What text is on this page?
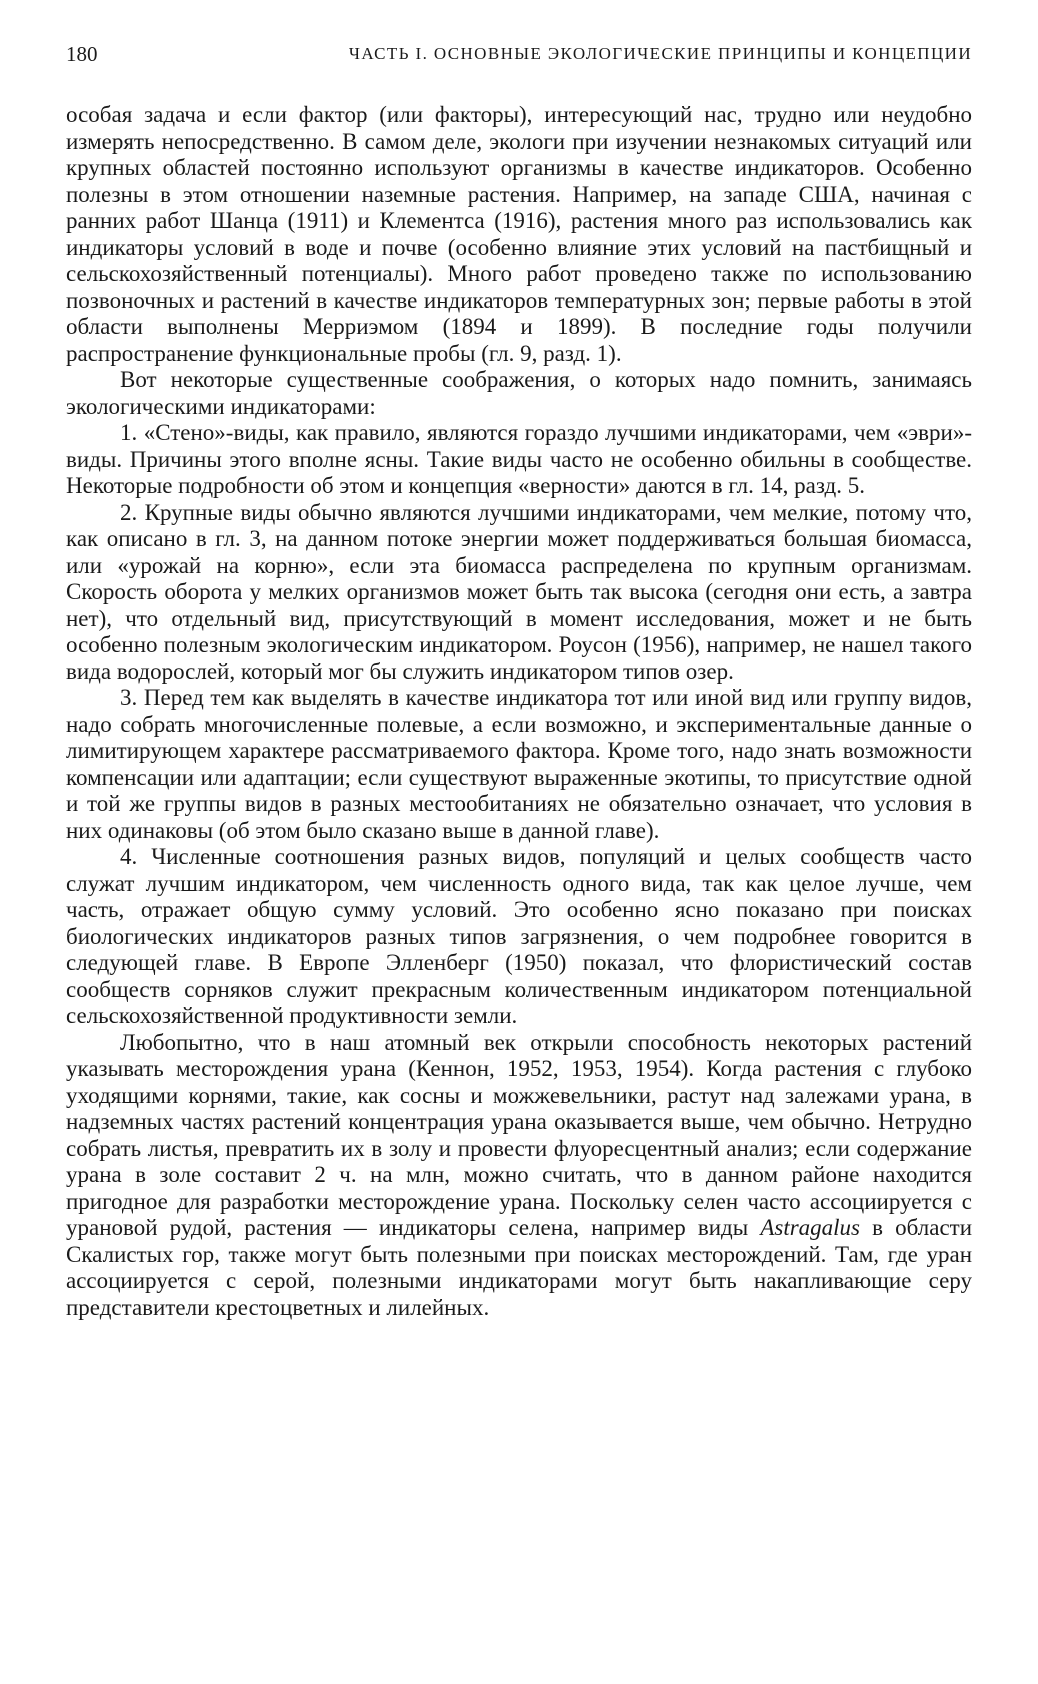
180	ЧАСТЬ I. ОСНОВНЫЕ ЭКОЛОГИЧЕСКИЕ ПРИНЦИПЫ И КОНЦЕПЦИИ

особая задача и если фактор (или факторы), интересующий нас, трудно или неудобно измерять непосредственно. В самом деле, экологи при изучении незнакомых ситуаций или крупных областей постоянно используют организмы в качестве индикаторов. Особенно полезны в этом отношении наземные растения. Например, на западе США, начиная с ранних работ Шанца (1911) и Клементса (1916), растения много раз использовались как индикаторы условий в воде и почве (особенно влияние этих условий на пастбищный и сельскохозяйственный потенциалы). Много работ проведено также по использованию позвоночных и растений в качестве индикаторов температурных зон; первые работы в этой области выполнены Мерриэмом (1894 и 1899). В последние годы получили распространение функциональные пробы (гл. 9, разд. 1).

Вот некоторые существенные соображения, о которых надо помнить, занимаясь экологическими индикаторами:

1. «Стено»-виды, как правило, являются гораздо лучшими индикаторами, чем «эври»-виды. Причины этого вполне ясны. Такие виды часто не особенно обильны в сообществе. Некоторые подробности об этом и концепция «верности» даются в гл. 14, разд. 5.

2. Крупные виды обычно являются лучшими индикаторами, чем мелкие, потому что, как описано в гл. 3, на данном потоке энергии может поддерживаться большая биомасса, или «урожай на корню», если эта биомасса распределена по крупным организмам. Скорость оборота у мелких организмов может быть так высока (сегодня они есть, а завтра нет), что отдельный вид, присутствующий в момент исследования, может и не быть особенно полезным экологическим индикатором. Роусон (1956), например, не нашел такого вида водорослей, который мог бы служить индикатором типов озер.

3. Перед тем как выделять в качестве индикатора тот или иной вид или группу видов, надо собрать многочисленные полевые, а если возможно, и экспериментальные данные о лимитирующем характере рассматриваемого фактора. Кроме того, надо знать возможности компенсации или адаптации; если существуют выраженные экотипы, то присутствие одной и той же группы видов в разных местообитаниях не обязательно означает, что условия в них одинаковы (об этом было сказано выше в данной главе).

4. Численные соотношения разных видов, популяций и целых сообществ часто служат лучшим индикатором, чем численность одного вида, так как целое лучше, чем часть, отражает общую сумму условий. Это особенно ясно показано при поисках биологических индикаторов разных типов загрязнения, о чем подробнее говорится в следующей главе. В Европе Элленберг (1950) показал, что флористический состав сообществ сорняков служит прекрасным количественным индикатором потенциальной сельскохозяйственной продуктивности земли.

Любопытно, что в наш атомный век открыли способность некоторых растений указывать месторождения урана (Кеннон, 1952, 1953, 1954). Когда растения с глубоко уходящими корнями, такие, как сосны и можжевельники, растут над залежами урана, в надземных частях растений концентрация урана оказывается выше, чем обычно. Нетрудно собрать листья, превратить их в золу и провести флуоресцентный анализ; если содержание урана в золе составит 2 ч. на млн, можно считать, что в данном районе находится пригодное для разработки месторождение урана. Поскольку селен часто ассоциируется с урановой рудой, растения — индикаторы селена, например виды Astragalus в области Скалистых гор, также могут быть полезными при поисках месторождений. Там, где уран ассоциируется с серой, полезными индикаторами могут быть накапливающие серу представители крестоцветных и лилейных.
